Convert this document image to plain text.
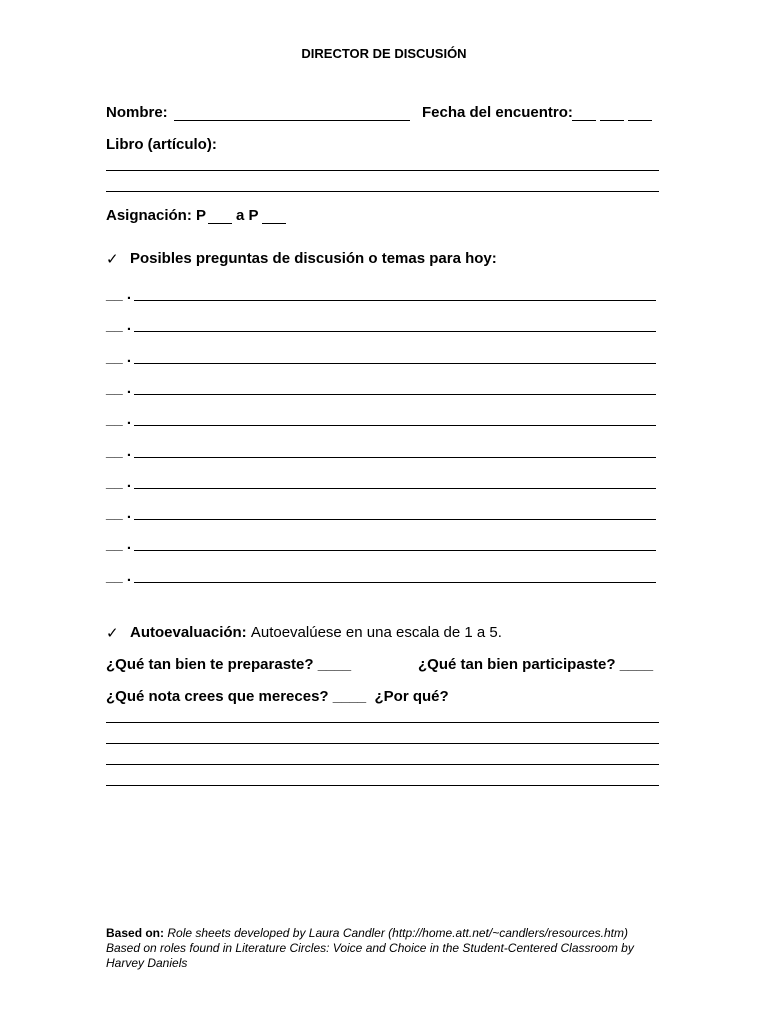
DIRECTOR DE DISCUSIÓN
Nombre:	Fecha del encuentro:
Libro (artículo):
Asignación: P a P
✓ Posibles preguntas de discusión o temas para hoy:
__ .
__ .
__ .
__ .
__ .
__ .
__ .
__ .
__ .
__ .
✓ Autoevaluación: Autoevalúese en una escala de 1 a 5.
¿Qué tan bien te preparaste? ____	¿Qué tan bien participaste? ____
¿Qué nota crees que mereces? ____ ¿Por qué?
Based on: Role sheets developed by Laura Candler (http://home.att.net/~candlers/resources.htm)
Based on roles found in Literature Circles: Voice and Choice in the Student-Centered Classroom by Harvey Daniels
